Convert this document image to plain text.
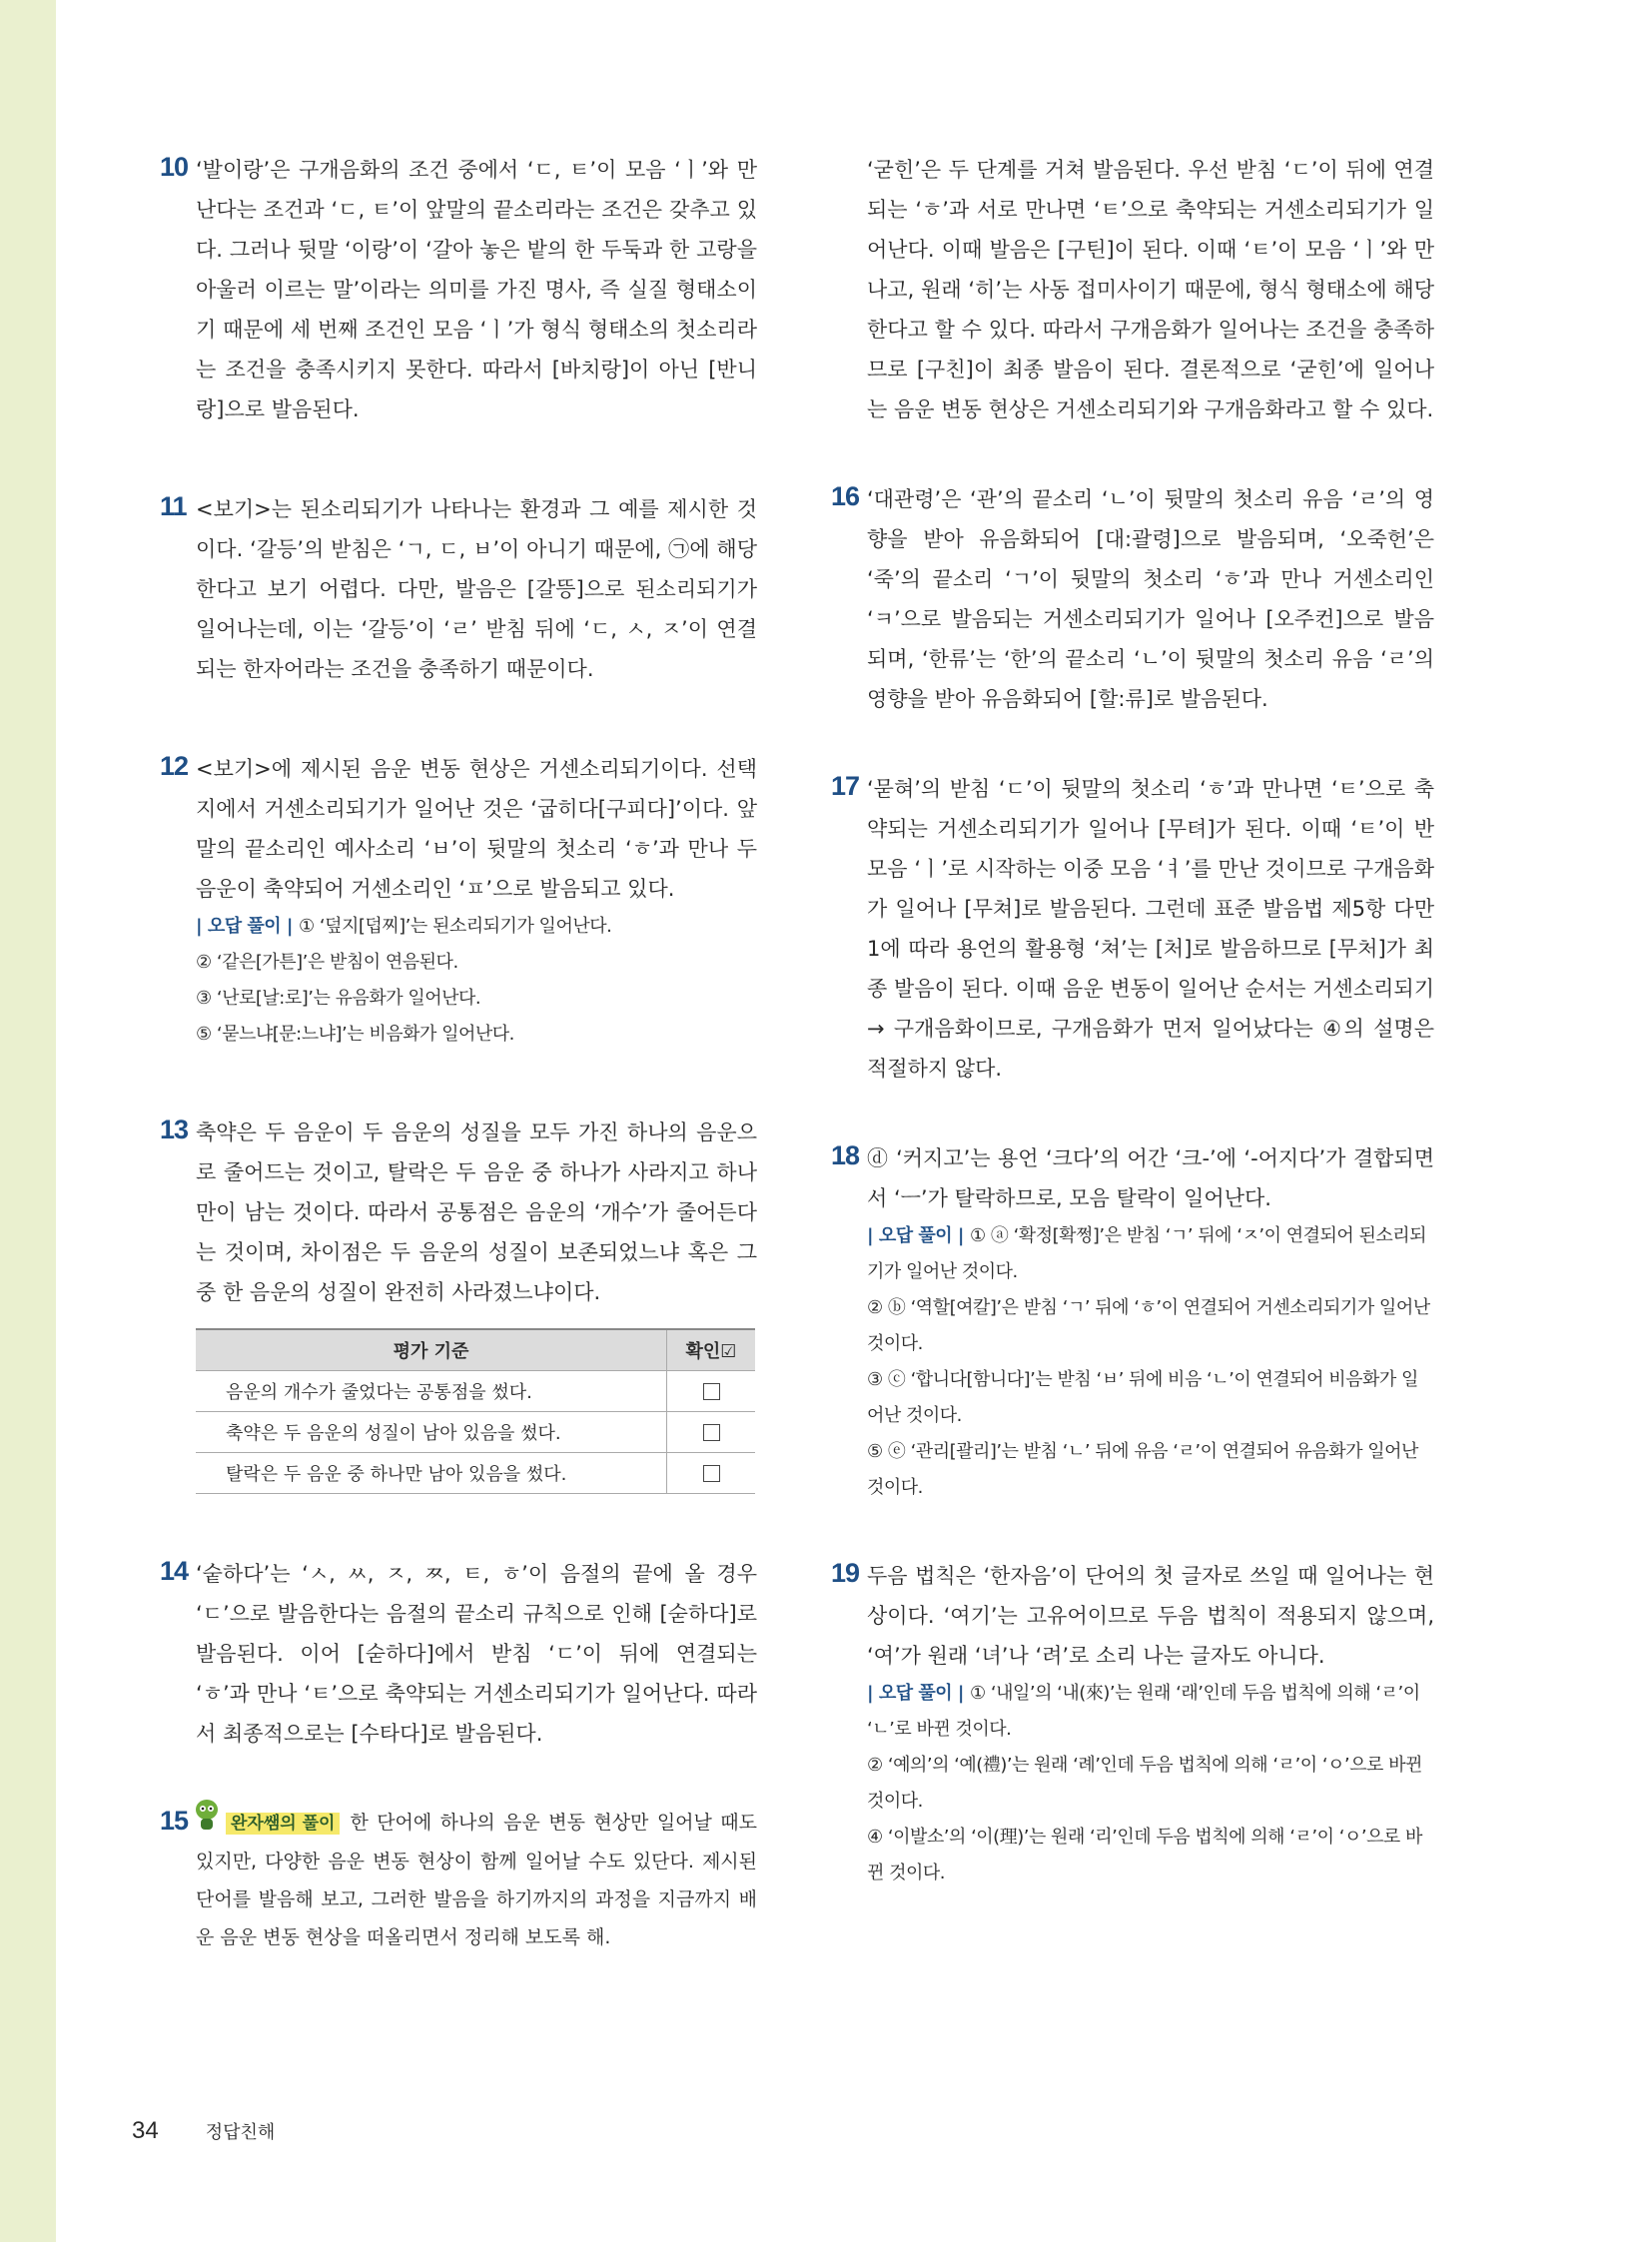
10 ‘발이랑’은 구개음화의 조건 중에서 ‘ㄷ, ㅌ’이 모음 ‘ㅣ’와 만난다는 조건과 ‘ㄷ, ㅌ’이 앞말의 끝소리라는 조건은 갖추고 있다. 그러나 뒷말 ‘이랑’이 ‘갈아 놓은 밭의 한 두둑과 한 고랑을 아울러 이르는 말’이라는 의미를 가진 명사, 즉 실질 형태소이기 때문에 세 번째 조건인 모음 ‘ㅣ’가 형식 형태소의 첫소리라는 조건을 충족시키지 못한다. 따라서 [바치랑]이 아닌 [반니랑]으로 발음된다.

11 <보기>는 된소리되기가 나타나는 환경과 그 예를 제시한 것이다. ‘갈등’의 받침은 ‘ㄱ, ㄷ, ㅂ’이 아니기 때문에, ㉠에 해당한다고 보기 어렵다. 다만, 발음은 [갈뜽]으로 된소리되기가 일어나는데, 이는 ‘갈등’이 ‘ㄹ’ 받침 뒤에 ‘ㄷ, ㅅ, ㅈ’이 연결되는 한자어라는 조건을 충족하기 때문이다.

12 <보기>에 제시된 음운 변동 현상은 거센소리되기이다. 선택지에서 거센소리되기가 일어난 것은 ‘굽히다[구피다]’이다. 앞말의 끝소리인 예사소리 ‘ㅂ’이 뒷말의 첫소리 ‘ㅎ’과 만나 두 음운이 축약되어 거센소리인 ‘ㅍ’으로 발음되고 있다.

| 오답 풀이 | ① ‘덮지[덥찌]’는 된소리되기가 일어난다.

② ‘같은[가튼]’은 받침이 연음된다.

③ ‘난로[날:로]’는 유음화가 일어난다.

⑤ ‘묻느냐[문:느냐]’는 비음화가 일어난다.

13 축약은 두 음운이 두 음운의 성질을 모두 가진 하나의 음운으로 줄어드는 것이고, 탈락은 두 음운 중 하나가 사라지고 하나만이 남는 것이다. 따라서 공통점은 음운의 ‘개수’가 줄어든다는 것이며, 차이점은 두 음운의 성질이 보존되었느냐 혹은 그중 한 음운의 성질이 완전히 사라졌느냐이다.

평가 기준	확인☑
음운의 개수가 줄었다는 공통점을 썼다.	
축약은 두 음운의 성질이 남아 있음을 썼다.	
탈락은 두 음운 중 하나만 남아 있음을 썼다.	
14 ‘숱하다’는 ‘ㅅ, ㅆ, ㅈ, ㅉ, ㅌ, ㅎ’이 음절의 끝에 올 경우 ‘ㄷ’으로 발음한다는 음절의 끝소리 규칙으로 인해 [숟하다]로 발음된다. 이어 [숟하다]에서 받침 ‘ㄷ’이 뒤에 연결되는 ‘ㅎ’과 만나 ‘ㅌ’으로 축약되는 거센소리되기가 일어난다. 따라서 최종적으로는 [수타다]로 발음된다.

15	완자쌤의 풀이 한 단어에 하나의 음운 변동 현상만 일어날 때도 있지만, 다양한 음운 변동 현상이 함께 일어날 수도 있단다. 제시된 단어를 발음해 보고, 그러한 발음을 하기까지의 과정을 지금까지 배운 음운 변동 현상을 떠올리면서 정리해 보도록 해.

‘굳힌’은 두 단계를 거쳐 발음된다. 우선 받침 ‘ㄷ’이 뒤에 연결되는 ‘ㅎ’과 서로 만나면 ‘ㅌ’으로 축약되는 거센소리되기가 일어난다. 이때 발음은 [구틴]이 된다. 이때 ‘ㅌ’이 모음 ‘ㅣ’와 만나고, 원래 ‘히’는 사동 접미사이기 때문에, 형식 형태소에 해당한다고 할 수 있다. 따라서 구개음화가 일어나는 조건을 충족하므로 [구친]이 최종 발음이 된다. 결론적으로 ‘굳힌’에 일어나는 음운 변동 현상은 거센소리되기와 구개음화라고 할 수 있다.

16 ‘대관령’은 ‘관’의 끝소리 ‘ㄴ’이 뒷말의 첫소리 유음 ‘ㄹ’의 영향을 받아 유음화되어 [대:괄령]으로 발음되며, ‘오죽헌’은 ‘죽’의 끝소리 ‘ㄱ’이 뒷말의 첫소리 ‘ㅎ’과 만나 거센소리인 ‘ㅋ’으로 발음되는 거센소리되기가 일어나 [오주컨]으로 발음되며, ‘한류’는 ‘한’의 끝소리 ‘ㄴ’이 뒷말의 첫소리 유음 ‘ㄹ’의 영향을 받아 유음화되어 [할:류]로 발음된다.

17 ‘묻혀’의 받침 ‘ㄷ’이 뒷말의 첫소리 ‘ㅎ’과 만나면 ‘ㅌ’으로 축약되는 거센소리되기가 일어나 [무텨]가 된다. 이때 ‘ㅌ’이 반모음 ‘ㅣ’로 시작하는 이중 모음 ‘ㅕ’를 만난 것이므로 구개음화가 일어나 [무쳐]로 발음된다. 그런데 표준 발음법 제5항 다만 1에 따라 용언의 활용형 ‘쳐’는 [처]로 발음하므로 [무처]가 최종 발음이 된다. 이때 음운 변동이 일어난 순서는 거센소리되기 → 구개음화이므로, 구개음화가 먼저 일어났다는 ④의 설명은 적절하지 않다.

18 ⓓ ‘커지고’는 용언 ‘크다’의 어간 ‘크-’에 ‘-어지다’가 결합되면서 ‘ㅡ’가 탈락하므로, 모음 탈락이 일어난다.

| 오답 풀이 | ① ⓐ ‘확정[확쩡]’은 받침 ‘ㄱ’ 뒤에 ‘ㅈ’이 연결되어 된소리되기가 일어난 것이다.

② ⓑ ‘역할[여칼]’은 받침 ‘ㄱ’ 뒤에 ‘ㅎ’이 연결되어 거센소리되기가 일어난 것이다.

③ ⓒ ‘합니다[함니다]’는 받침 ‘ㅂ’ 뒤에 비음 ‘ㄴ’이 연결되어 비음화가 일어난 것이다.

⑤ ⓔ ‘관리[괄리]’는 받침 ‘ㄴ’ 뒤에 유음 ‘ㄹ’이 연결되어 유음화가 일어난 것이다.

19 두음 법칙은 ‘한자음’이 단어의 첫 글자로 쓰일 때 일어나는 현상이다. ‘여기’는 고유어이므로 두음 법칙이 적용되지 않으며, ‘여’가 원래 ‘녀’나 ‘려’로 소리 나는 글자도 아니다.

| 오답 풀이 | ① ‘내일’의 ‘내(來)’는 원래 ‘래’인데 두음 법칙에 의해 ‘ㄹ’이 ‘ㄴ’로 바뀐 것이다.

② ‘예의’의 ‘예(禮)’는 원래 ‘례’인데 두음 법칙에 의해 ‘ㄹ’이 ‘ㅇ’으로 바뀐 것이다.

④ ‘이발소’의 ‘이(理)’는 원래 ‘리’인데 두음 법칙에 의해 ‘ㄹ’이 ‘ㅇ’으로 바뀐 것이다.

34	정답친해
